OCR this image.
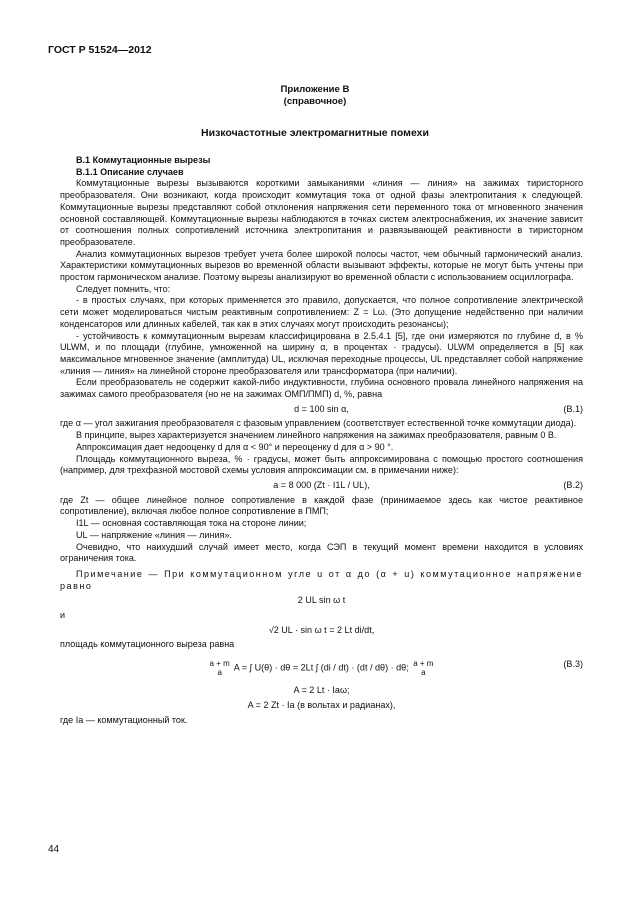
ГОСТ Р 51524—2012
Приложение В
(справочное)
Низкочастотные электромагнитные помехи

В.1 Коммутационные вырезы

В.1.1 Описание случаев

Коммутационные вырезы вызываются короткими замыканиями «линия — линия» на зажимах тиристорного преобразователя. Они возникают, когда происходит коммутация тока от одной фазы электропитания к следующей. Коммутационные вырезы представляют собой отклонения напряжения сети переменного тока от мгновенного значения основной составляющей. Коммутационные вырезы наблюдаются в точках систем электроснабжения, их значение зависит от соотношения полных сопротивлений источника электропитания и развязывающей реактивности в тиристорном преобразователе.

Анализ коммутационных вырезов требует учета более широкой полосы частот, чем обычный гармонический анализ. Характеристики коммутационных вырезов во временной области вызывают эффекты, которые не могут быть учтены при простом гармоническом анализе. Поэтому вырезы анализируют во временной области с использованием осциллографа.

Следует помнить, что:

- в простых случаях, при которых применяется это правило, допускается, что полное сопротивление электрической сети может моделироваться чистым реактивным сопротивлением: Z = Lω. (Это допущение недейственно при наличии конденсаторов или длинных кабелей, так как в этих случаях могут происходить резонансы);

- устойчивость к коммутационным вырезам классифицирована в 2.5.4.1 [5], где они измеряются по глубине d, в % ULWM, и по площади (глубине, умноженной на ширину α, в процентах · градусы). ULWM определяется в [5] как максимальное мгновенное значение (амплитуда) UL, исключая переходные процессы, UL представляет собой напряжение «линия — линия» на линейной стороне преобразователя или трансформатора (при наличии).

Если преобразователь не содержит какой-либо индуктивности, глубина основного провала линейного напряжения на зажимах самого преобразователя (но не на зажимах ОМП/ПМП) d, %, равна

d = 100 sin α,	(В.1)

где α — угол зажигания преобразователя с фазовым управлением (соответствует естественной точке коммутации диода).

В принципе, вырез характеризуется значением линейного напряжения на зажимах преобразователя, равным 0 В.

Аппроксимация дает недооценку d для α < 90° и переоценку d для α > 90 °.

Площадь коммутационного выреза, % · градусы, может быть аппроксимирована с помощью простого соотношения (например, для трехфазной мостовой схемы условия аппроксимации см. в примечании ниже):

a = 8 000 (Zt · I1L / UL),	(В.2)

где Zt — общее линейное полное сопротивление в каждой фазе (принимаемое здесь как чистое реактивное сопротивление), включая любое полное сопротивление в ПМП;

I1L — основная составляющая тока на стороне линии;

UL — напряжение «линия — линия».

Очевидно, что наихудший случай имеет место, когда СЭП в текущий момент времени находится в условиях ограничения тока.

Примечание — При коммутационном угле u от α до (α + u) коммутационное напряжение равно

2 UL sin ω t

и

√2 UL · sin ω t = 2 Lt di/dt,

площадь коммутационного выреза равна

a + m
a A = ∫ U(θ) · dθ = 2Lt ∫ (di / dt) · (dt / dθ) · dθ; a + m
a
(В.3)
A = 2 Lt · Iaω;
A = 2 Zt · Ia (в вольтах и радианах),

где Ia — коммутационный ток.

44
